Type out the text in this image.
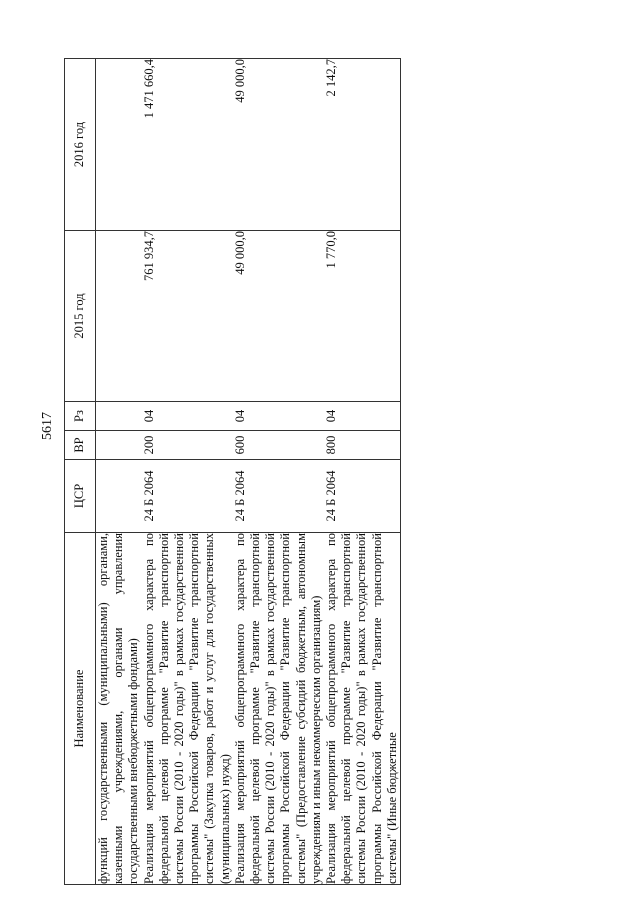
5617
Наименование	ЦСР	ВР	Рз	2015 год	2016 год
функций государственными (муниципальными) органами, казенными учреждениями, органами управления государственными внебюджетными фондами)					
Реализация мероприятий общепрограммного характера по федеральной целевой программе "Развитие транспортной системы России (2010 - 2020 годы)" в рамках государственной программы Российской Федерации "Развитие транспортной системы" (Закупка товаров, работ и услуг для государственных (муниципальных) нужд)	24 Б 2064	200	04	761 934,7	1 471 660,4
Реализация мероприятий общепрограммного характера по федеральной целевой программе "Развитие транспортной системы России (2010 - 2020 годы)" в рамках государственной программы Российской Федерации "Развитие транспортной системы" (Предоставление субсидий бюджетным, автономным учреждениям и иным некоммерческим организациям)	24 Б 2064	600	04	49 000,0	49 000,0
Реализация мероприятий общепрограммного характера по федеральной целевой программе "Развитие транспортной системы России (2010 - 2020 годы)" в рамках государственной программы Российской Федерации "Развитие транспортной системы" (Иные бюджетные	24 Б 2064	800	04	1 770,0	2 142,7
